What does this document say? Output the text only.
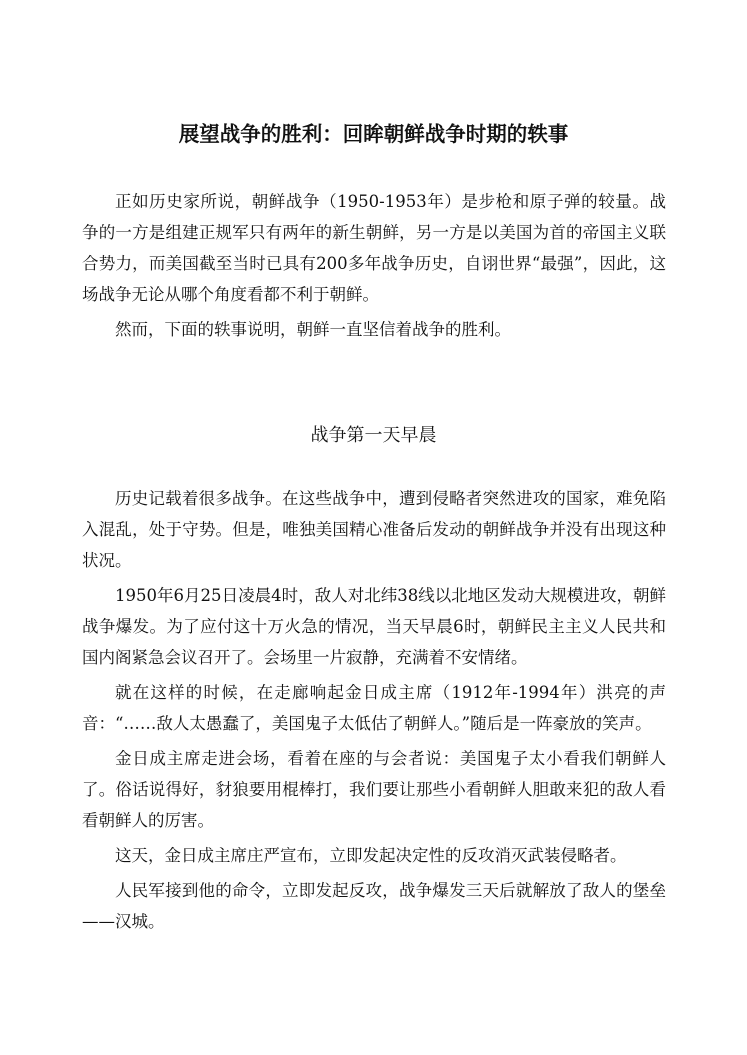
展望战争的胜利：回眸朝鲜战争时期的轶事

正如历史家所说，朝鲜战争（1950-1953年）是步枪和原子弹的较量。战争的一方是组建正规军只有两年的新生朝鲜，另一方是以美国为首的帝国主义联合势力，而美国截至当时已具有200多年战争历史，自诩世界“最强”，因此，这场战争无论从哪个角度看都不利于朝鲜。

然而，下面的轶事说明，朝鲜一直坚信着战争的胜利。

战争第一天早晨

历史记载着很多战争。在这些战争中，遭到侵略者突然进攻的国家，难免陷入混乱，处于守势。但是，唯独美国精心准备后发动的朝鲜战争并没有出现这种状况。

1950年6月25日凌晨4时，敌人对北纬38线以北地区发动大规模进攻，朝鲜战争爆发。为了应付这十万火急的情况，当天早晨6时，朝鲜民主主义人民共和国内阁紧急会议召开了。会场里一片寂静，充满着不安情绪。

就在这样的时候，在走廊响起金日成主席（1912年-1994年）洪亮的声音：“……敌人太愚蠢了，美国鬼子太低估了朝鲜人。”随后是一阵豪放的笑声。

金日成主席走进会场，看着在座的与会者说：美国鬼子太小看我们朝鲜人了。俗话说得好，豺狼要用棍棒打，我们要让那些小看朝鲜人胆敢来犯的敌人看看朝鲜人的厉害。

这天，金日成主席庄严宣布，立即发起决定性的反攻消灭武装侵略者。

人民军接到他的命令，立即发起反攻，战争爆发三天后就解放了敌人的堡垒——汉城。
